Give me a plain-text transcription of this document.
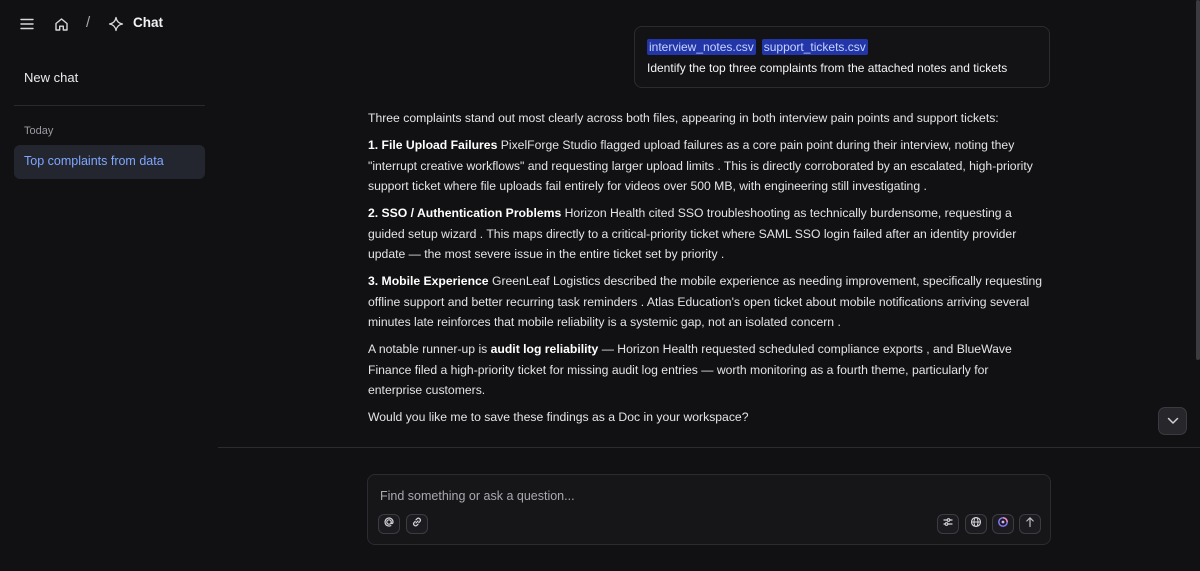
/	Chat
New chat
Today
Top complaints from data
interview_notes.csv support_tickets.csv
Identify the top three complaints from the attached notes and tickets

Three complaints stand out most clearly across both files, appearing in both interview pain points and support tickets:

1. File Upload Failures PixelForge Studio flagged upload failures as a core pain point during their interview, noting they "interrupt creative workflows" and requesting larger upload limits . This is directly corroborated by an escalated, high-priority support ticket where file uploads fail entirely for videos over 500 MB, with engineering still investigating .

2. SSO / Authentication Problems Horizon Health cited SSO troubleshooting as technically burdensome, requesting a guided setup wizard . This maps directly to a critical-priority ticket where SAML SSO login failed after an identity provider update — the most severe issue in the entire ticket set by priority .

3. Mobile Experience GreenLeaf Logistics described the mobile experience as needing improvement, specifically requesting offline support and better recurring task reminders . Atlas Education's open ticket about mobile notifications arriving several minutes late reinforces that mobile reliability is a systemic gap, not an isolated concern .

A notable runner-up is audit log reliability — Horizon Health requested scheduled compliance exports , and BlueWave Finance filed a high-priority ticket for missing audit log entries — worth monitoring as a fourth theme, particularly for enterprise customers.

Would you like me to save these findings as a Doc in your workspace?

Find something or ask a question...
